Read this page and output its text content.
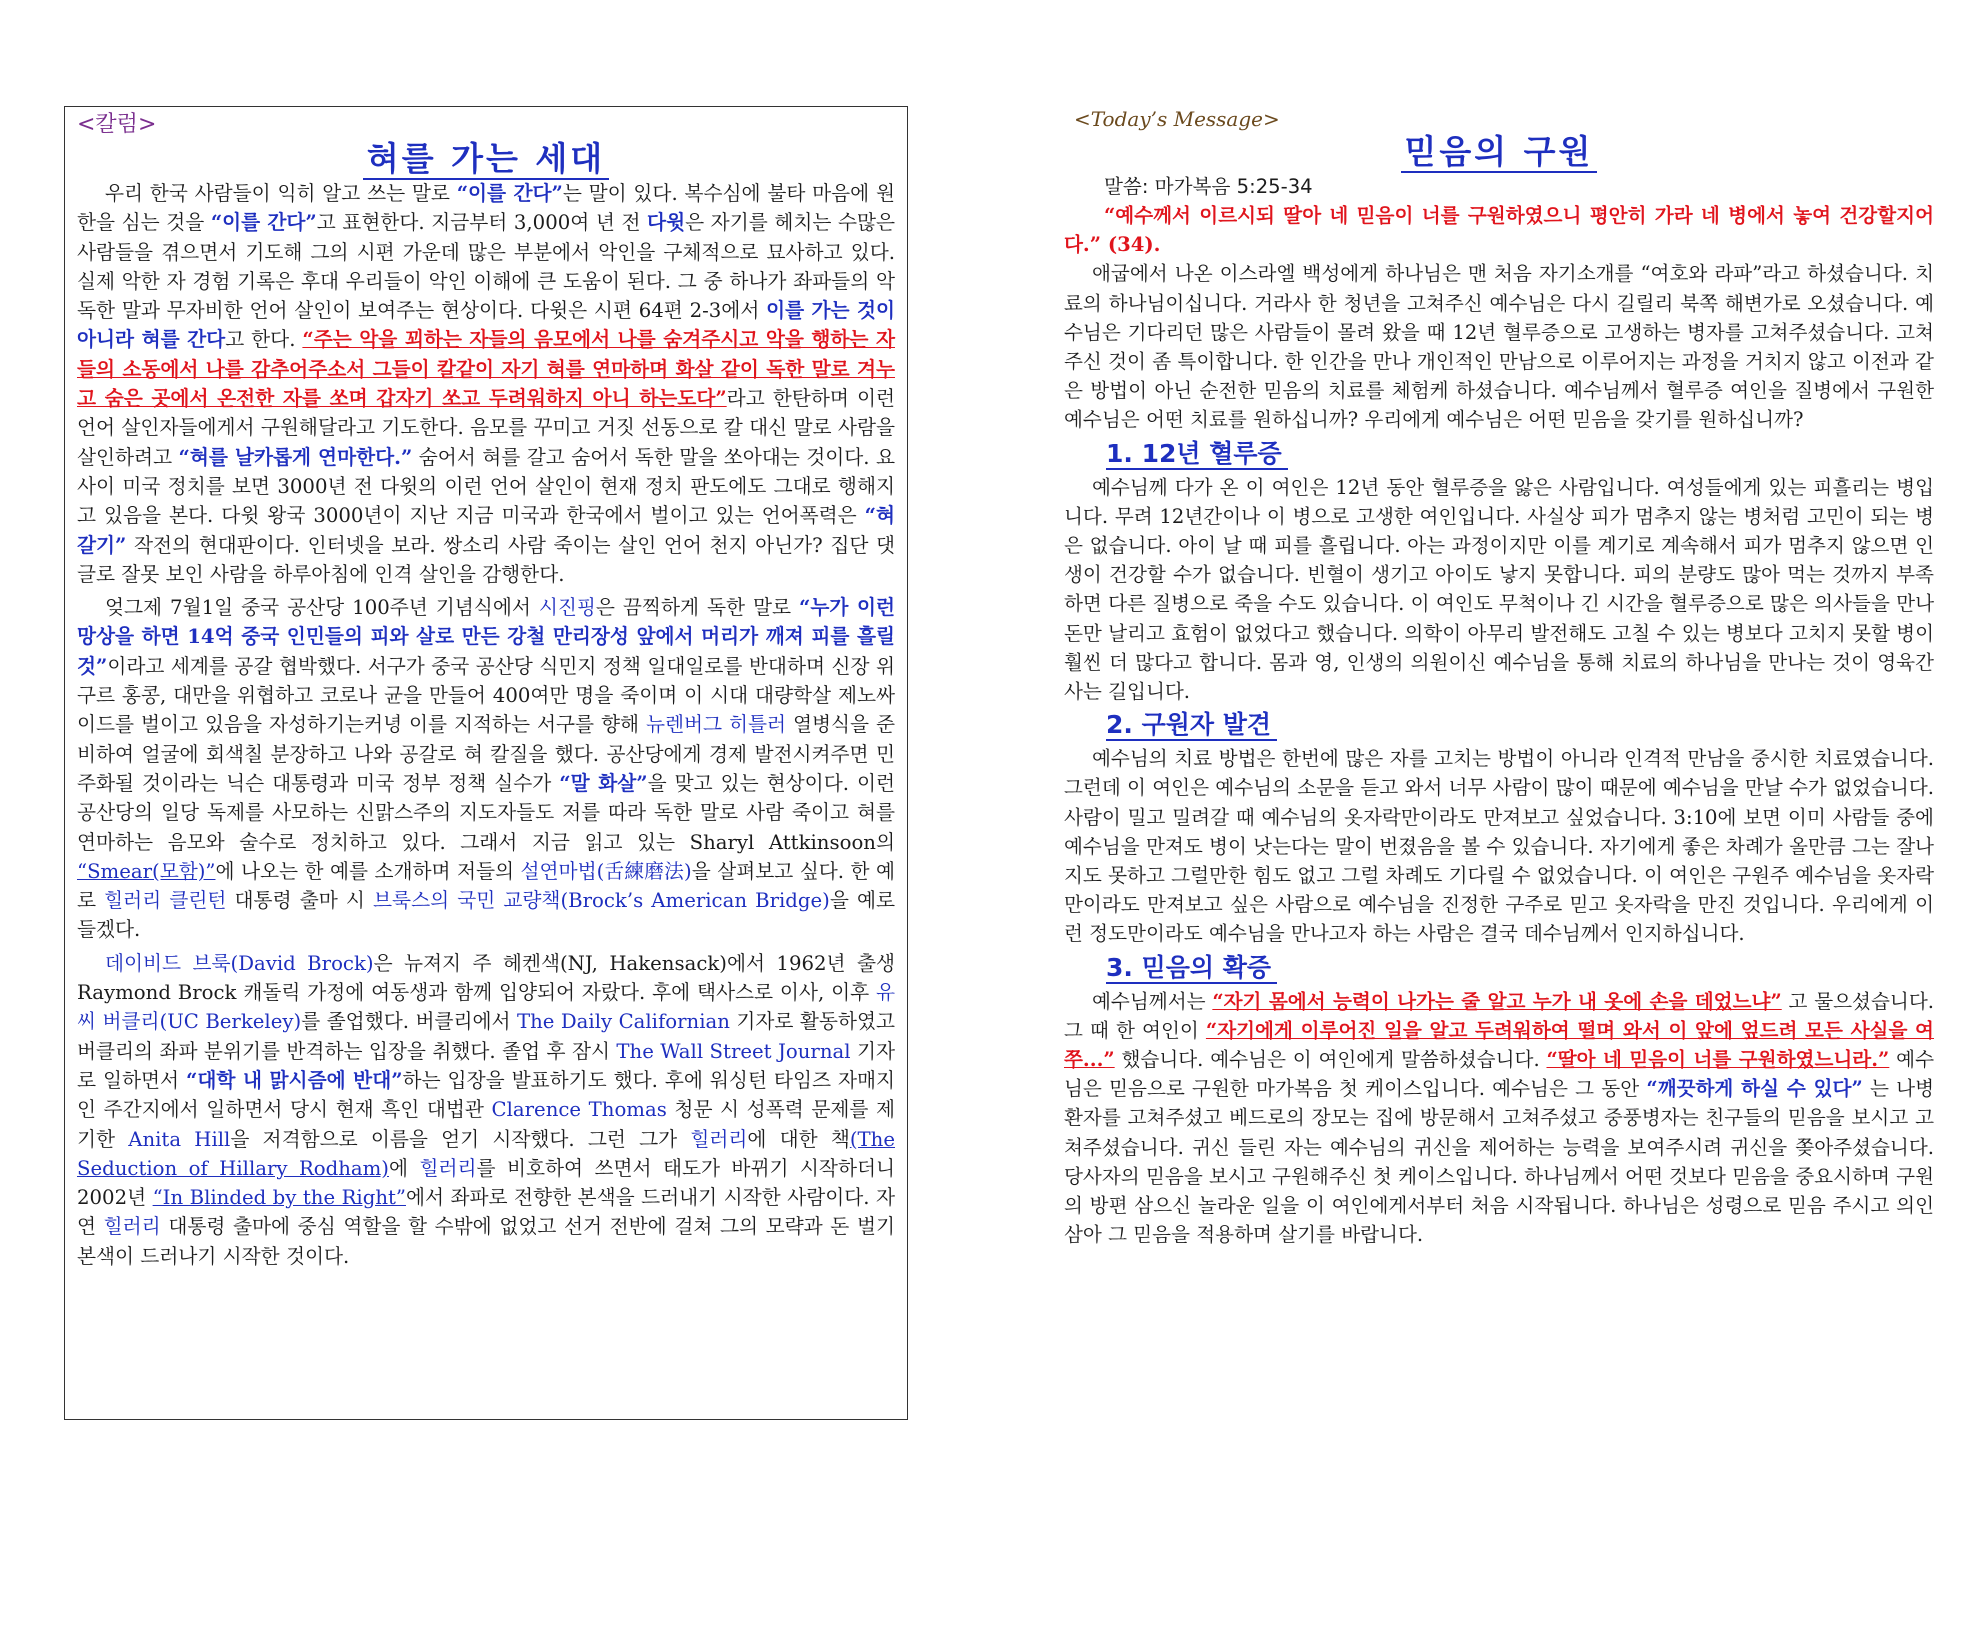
<칼럼>
혀를 가는 세대

우리 한국 사람들이 익히 알고 쓰는 말로 “이를 간다”는 말이 있다. 복수심에 불타 마음에 원한을 심는 것을 “이를 간다”고 표현한다. 지금부터 3,000여 년 전 다윗은 자기를 헤치는 수많은 사람들을 겪으면서 기도해 그의 시편 가운데 많은 부분에서 악인을 구체적으로 묘사하고 있다. 실제 악한 자 경험 기록은 후대 우리들이 악인 이해에 큰 도움이 된다. 그 중 하나가 좌파들의 악독한 말과 무자비한 언어 살인이 보여주는 현상이다. 다윗은 시편 64편 2-3에서 이를 가는 것이 아니라 혀를 간다고 한다. “주는 악을 꾀하는 자들의 음모에서 나를 숨겨주시고 악을 행하는 자들의 소동에서 나를 감추어주소서 그들이 칼같이 자기 혀를 연마하며 화살 같이 독한 말로 겨누고 숨은 곳에서 온전한 자를 쏘며 갑자기 쏘고 두려워하지 아니 하는도다”라고 한탄하며 이런 언어 살인자들에게서 구원해달라고 기도한다. 음모를 꾸미고 거짓 선동으로 칼 대신 말로 사람을 살인하려고 “혀를 날카롭게 연마한다.” 숨어서 혀를 갈고 숨어서 독한 말을 쏘아대는 것이다. 요사이 미국 정치를 보면 3000년 전 다윗의 이런 언어 살인이 현재 정치 판도에도 그대로 행해지고 있음을 본다. 다윗 왕국 3000년이 지난 지금 미국과 한국에서 벌이고 있는 언어폭력은 “혀 갈기” 작전의 현대판이다. 인터넷을 보라. 쌍소리 사람 죽이는 살인 언어 천지 아닌가? 집단 댓글로 잘못 보인 사람을 하루아침에 인격 살인을 감행한다.

엊그제 7월1일 중국 공산당 100주년 기념식에서 시진핑은 끔찍하게 독한 말로 “누가 이런 망상을 하면 14억 중국 인민들의 피와 살로 만든 강철 만리장성 앞에서 머리가 깨져 피를 흘릴 것”이라고 세계를 공갈 협박했다. 서구가 중국 공산당 식민지 정책 일대일로를 반대하며 신장 위구르 홍콩, 대만을 위협하고 코로나 균을 만들어 400여만 명을 죽이며 이 시대 대량학살 제노싸이드를 벌이고 있음을 자성하기는커녕 이를 지적하는 서구를 향해 뉴렌버그 히틀러 열병식을 준비하여 얼굴에 회색칠 분장하고 나와 공갈로 혀 칼질을 했다. 공산당에게 경제 발전시켜주면 민주화될 것이라는 닉슨 대통령과 미국 정부 정책 실수가 “말 화살”을 맞고 있는 현상이다. 이런 공산당의 일당 독제를 사모하는 신맑스주의 지도자들도 저를 따라 독한 말로 사람 죽이고 혀를 연마하는 음모와 술수로 정치하고 있다. 그래서 지금 읽고 있는 Sharyl Attkinsoon의 “Smear(모함)”에 나오는 한 예를 소개하며 저들의 설연마법(舌練磨法)을 살펴보고 싶다. 한 예로 힐러리 클린턴 대통령 출마 시 브룩스의 국민 교량책(Brock’s American Bridge)을 예로 들겠다.

데이비드 브룩(David Brock)은 뉴져지 주 헤켄색(NJ, Hakensack)에서 1962년 출생 Raymond Brock 캐돌릭 가정에 여동생과 함께 입양되어 자랐다. 후에 택사스로 이사, 이후 유씨 버클리(UC Berkeley)를 졸업했다. 버클리에서 The Daily Californian 기자로 활동하였고 버클리의 좌파 분위기를 반격하는 입장을 취했다. 졸업 후 잠시 The Wall Street Journal 기자로 일하면서 “대학 내 맑시즘에 반대”하는 입장을 발표하기도 했다. 후에 워싱턴 타임즈 자매지인 주간지에서 일하면서 당시 현재 흑인 대법관 Clarence Thomas 청문 시 성폭력 문제를 제기한 Anita Hill을 저격함으로 이름을 얻기 시작했다. 그런 그가 힐러리에 대한 책(The Seduction of Hillary Rodham)에 힐러리를 비호하여 쓰면서 태도가 바뀌기 시작하더니 2002년 “In Blinded by the Right”에서 좌파로 전향한 본색을 드러내기 시작한 사람이다. 자연 힐러리 대통령 출마에 중심 역할을 할 수밖에 없었고 선거 전반에 걸쳐 그의 모략과 돈 벌기 본색이 드러나기 시작한 것이다.

<Today’s Message>
믿음의 구원
말씀: 마가복음 5:25-34

“예수께서 이르시되 딸아 네 믿음이 너를 구원하였으니 평안히 가라 네 병에서 놓여 건강할지어다.” (34).

애굽에서 나온 이스라엘 백성에게 하나님은 맨 처음 자기소개를 “여호와 라파”라고 하셨습니다. 치료의 하나님이십니다. 거라사 한 청년을 고쳐주신 예수님은 다시 길릴리 북쪽 해변가로 오셨습니다. 예수님은 기다리던 많은 사람들이 몰려 왔을 때 12년 혈루증으로 고생하는 병자를 고쳐주셨습니다. 고쳐주신 것이 좀 특이합니다. 한 인간을 만나 개인적인 만남으로 이루어지는 과정을 거치지 않고 이전과 같은 방법이 아닌 순전한 믿음의 치료를 체험케 하셨습니다. 예수님께서 혈루증 여인을 질병에서 구원한 예수님은 어떤 치료를 원하십니까? 우리에게 예수님은 어떤 믿음을 갖기를 원하십니까?

1. 12년 혈루증

예수님께 다가 온 이 여인은 12년 동안 혈루증을 앓은 사람입니다. 여성들에게 있는 피흘리는 병입니다. 무려 12년간이나 이 병으로 고생한 여인입니다. 사실상 피가 멈추지 않는 병처럼 고민이 되는 병은 없습니다. 아이 날 때 피를 흘립니다. 아는 과정이지만 이를 계기로 계속해서 피가 멈추지 않으면 인생이 건강할 수가 없습니다. 빈혈이 생기고 아이도 낳지 못합니다. 피의 분량도 많아 먹는 것까지 부족하면 다른 질병으로 죽을 수도 있습니다. 이 여인도 무척이나 긴 시간을 혈루증으로 많은 의사들을 만나 돈만 날리고 효험이 없었다고 했습니다. 의학이 아무리 발전해도 고칠 수 있는 병보다 고치지 못할 병이 훨씬 더 많다고 합니다. 몸과 영, 인생의 의원이신 예수님을 통해 치료의 하나님을 만나는 것이 영육간 사는 길입니다.

2. 구원자 발견

예수님의 치료 방법은 한번에 많은 자를 고치는 방법이 아니라 인격적 만남을 중시한 치료였습니다. 그런데 이 여인은 예수님의 소문을 듣고 와서 너무 사람이 많이 때문에 예수님을 만날 수가 없었습니다. 사람이 밀고 밀려갈 때 예수님의 옷자락만이라도 만져보고 싶었습니다. 3:10에 보면 이미 사람들 중에 예수님을 만져도 병이 낫는다는 말이 번졌음을 볼 수 있습니다. 자기에게 좋은 차례가 올만큼 그는 잘나지도 못하고 그럴만한 힘도 없고 그럴 차례도 기다릴 수 없었습니다. 이 여인은 구원주 예수님을 옷자락만이라도 만져보고 싶은 사람으로 예수님을 진정한 구주로 믿고 옷자락을 만진 것입니다. 우리에게 이런 정도만이라도 예수님을 만나고자 하는 사람은 결국 데수님께서 인지하십니다.

3. 믿음의 확증

예수님께서는 “자기 몸에서 능력이 나가는 줄 알고 누가 내 옷에 손을 데었느냐” 고 물으셨습니다. 그 때 한 여인이 “자기에게 이루어진 일을 알고 두려워하여 떨며 와서 이 앞에 엎드려 모든 사실을 여쭈...” 했습니다. 예수님은 이 여인에게 말씀하셨습니다. “딸아 네 믿음이 너를 구원하였느니라.” 예수님은 믿음으로 구원한 마가복음 첫 케이스입니다. 예수님은 그 동안 “깨끗하게 하실 수 있다” 는 나병환자를 고쳐주셨고 베드로의 장모는 집에 방문해서 고쳐주셨고 중풍병자는 친구들의 믿음을 보시고 고쳐주셨습니다. 귀신 들린 자는 예수님의 귀신을 제어하는 능력을 보여주시려 귀신을 쫒아주셨습니다. 당사자의 믿음을 보시고 구원해주신 첫 케이스입니다. 하나님께서 어떤 것보다 믿음을 중요시하며 구원의 방편 삼으신 놀라운 일을 이 여인에게서부터 처음 시작됩니다. 하나님은 성령으로 믿음 주시고 의인 삼아 그 믿음을 적용하며 살기를 바랍니다.
